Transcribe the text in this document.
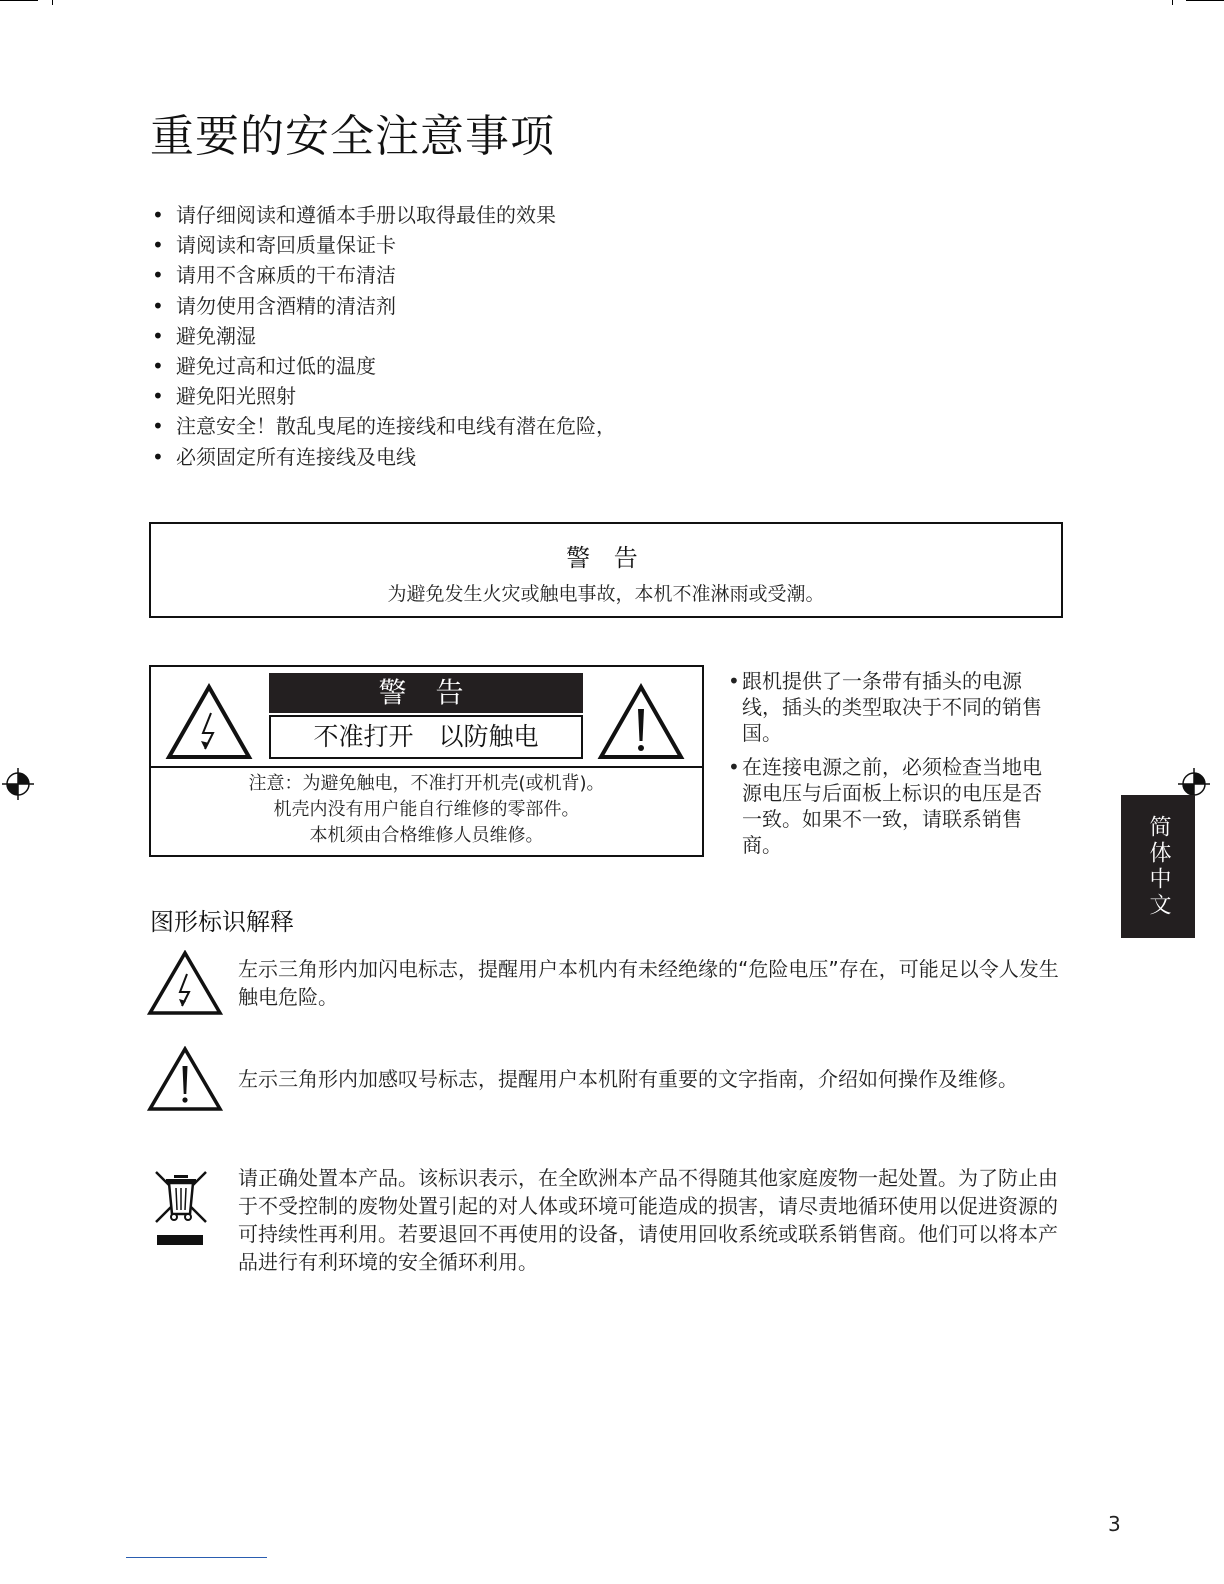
重要的安全注意事项
• 请仔细阅读和遵循本手册以取得最佳的效果
• 请阅读和寄回质量保证卡
• 请用不含麻质的干布清洁
• 请勿使用含酒精的清洁剂
• 避免潮湿
• 避免过高和过低的温度
• 避免阳光照射
• 注意安全！散乱曳尾的连接线和电线有潜在危险，
• 必须固定所有连接线及电线
警 告
为避免发生火灾或触电事故，本机不准淋雨或受潮。
警 告
不准打开　以防触电
注意：为避免触电，不准打开机壳(或机背)。
机壳内没有用户能自行维修的零部件。
本机须由合格维修人员维修。

• 跟机提供了一条带有插头的电源线，插头的类型取决于不同的销售国。

• 在连接电源之前，必须检查当地电源电压与后面板上标识的电压是否一致。如果不一致，请联系销售商。	简体中文
图形标识解释
左示三角形内加闪电标志，提醒用户本机内有未经绝缘的“危险电压”存在，可能足以令人发生触电危险。
左示三角形内加感叹号标志，提醒用户本机附有重要的文字指南，介绍如何操作及维修。
请正确处置本产品。该标识表示，在全欧洲本产品不得随其他家庭废物一起处置。为了防止由于不受控制的废物处置引起的对人体或环境可能造成的损害，请尽责地循环使用以促进资源的可持续性再利用。若要退回不再使用的设备，请使用回收系统或联系销售商。他们可以将本产品进行有利环境的安全循环利用。
3
